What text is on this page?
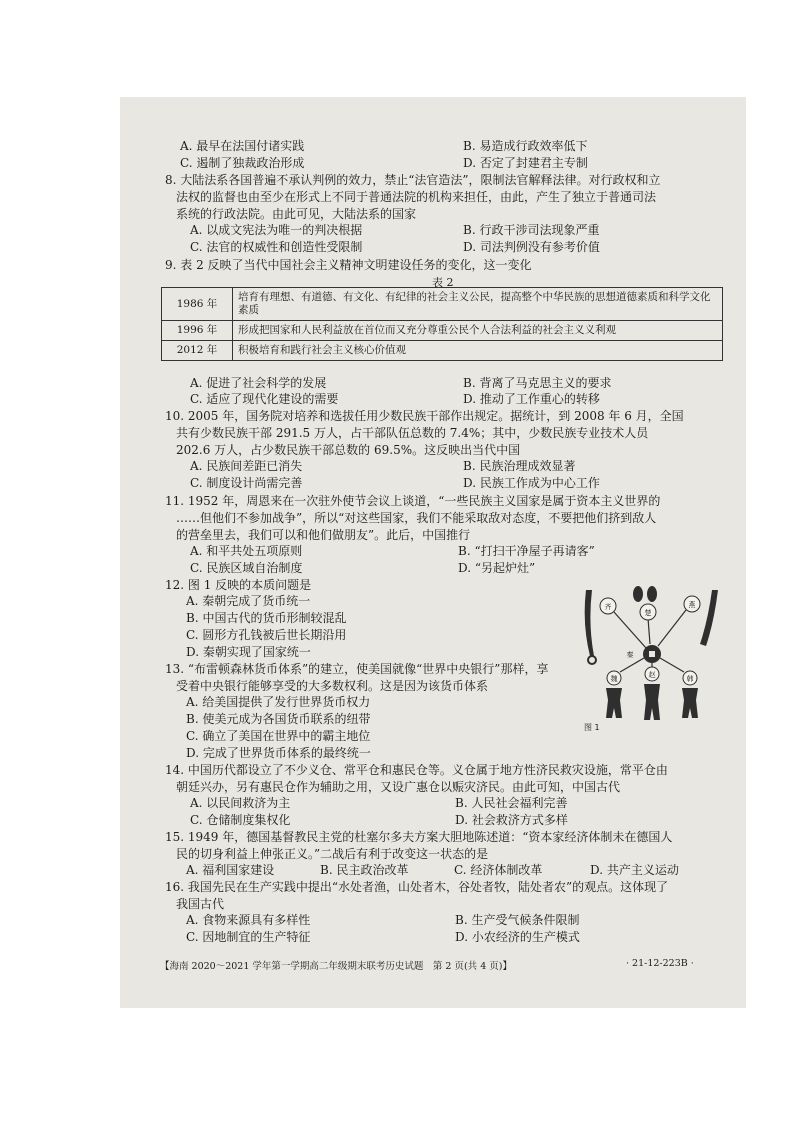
A. 最早在法国付诸实践	B. 易造成行政效率低下
C. 遏制了独裁政治形成	D. 否定了封建君主专制
8. 大陆法系各国普遍不承认判例的效力，禁止“法官造法”，限制法官解释法律。对行政权和立
法权的监督也由至少在形式上不同于普通法院的机构来担任，由此，产生了独立于普通司法
系统的行政法院。由此可见，大陆法系的国家
A. 以成文宪法为唯一的判决根据	B. 行政干涉司法现象严重
C. 法官的权威性和创造性受限制	D. 司法判例没有参考价值
9. 表 2 反映了当代中国社会主义精神文明建设任务的变化，这一变化
表 2
1986 年	培育有理想、有道德、有文化、有纪律的社会主义公民，提高整个中华民族的思想道德素质和科学文化素质
1996 年	形成把国家和人民利益放在首位而又充分尊重公民个人合法利益的社会主义义利观
2012 年	积极培育和践行社会主义核心价值观
A. 促进了社会科学的发展	B. 背离了马克思主义的要求
C. 适应了现代化建设的需要	D. 推动了工作重心的转移
10. 2005 年，国务院对培养和选拔任用少数民族干部作出规定。据统计，到 2008 年 6 月，全国
共有少数民族干部 291.5 万人，占干部队伍总数的 7.4%；其中，少数民族专业技术人员
202.6 万人，占少数民族干部总数的 69.5%。这反映出当代中国
A. 民族间差距已消失	B. 民族治理成效显著
C. 制度设计尚需完善	D. 民族工作成为中心工作
11. 1952 年，周恩来在一次驻外使节会议上谈道，“一些民族主义国家是属于资本主义世界的
……但他们不参加战争”，所以“对这些国家，我们不能采取敌对态度，不要把他们挤到敌人
的营垒里去，我们可以和他们做朋友”。此后，中国推行
A. 和平共处五项原则	B. “打扫干净屋子再请客”
C. 民族区域自治制度	D. “另起炉灶”
12. 图 1 反映的本质问题是
A. 秦朝完成了货币统一
B. 中国古代的货币形制较混乱
C. 圆形方孔钱被后世长期沿用
D. 秦朝实现了国家统一
齐
楚
燕
魏	赵	韩
秦
图 1
13. “布雷顿森林货币体系”的建立，使美国就像“世界中央银行”那样，享
受着中央银行能够享受的大多数权利。这是因为该货币体系
A. 给美国提供了发行世界货币权力
B. 使美元成为各国货币联系的纽带
C. 确立了美国在世界中的霸主地位
D. 完成了世界货币体系的最终统一
14. 中国历代都设立了不少义仓、常平仓和惠民仓等。义仓属于地方性济民救灾设施，常平仓由
朝廷兴办，另有惠民仓作为辅助之用，又设广惠仓以赈灾济民。由此可知，中国古代
A. 以民间救济为主	B. 人民社会福利完善
C. 仓储制度集权化	D. 社会救济方式多样
15. 1949 年，德国基督教民主党的杜塞尔多夫方案大胆地陈述道：“资本家经济体制未在德国人
民的切身利益上伸张正义。”二战后有利于改变这一状态的是
A. 福利国家建设	B. 民主政治改革	C. 经济体制改革	D. 共产主义运动
16. 我国先民在生产实践中提出“水处者渔，山处者木，谷处者牧，陆处者农”的观点。这体现了
我国古代
A. 食物来源具有多样性	B. 生产受气候条件限制
C. 因地制宜的生产特征	D. 小农经济的生产模式
【海南 2020～2021 学年第一学期高二年级期末联考历史试题　第 2 页(共 4 页)】	· 21-12-223B ·
